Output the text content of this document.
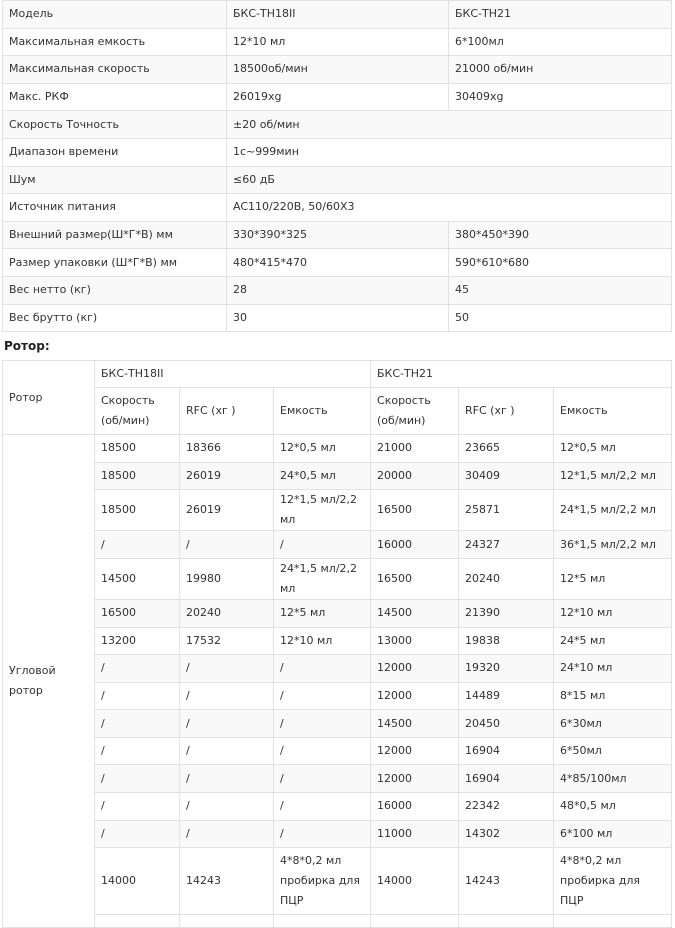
Модель	БКС-TH18II	БКС-TH21
Максимальная емкость	12*10 мл	6*100мл
Максимальная скорость	18500об/мин	21000 об/мин
Макс. РКФ	26019xg	30409xg
Скорость Точность	±20 об/мин	
Диапазон времени	1с~999мин	
Шум	≤60 дБ	
Источник питания	AC110/220В, 50/60Х3	
Внешний размер(Ш*Г*В) мм	330*390*325	380*450*390
Размер упаковки (Ш*Г*В) мм	480*415*470	590*610*680
Вес нетто (кг)	28	45
Вес брутто (кг)	30	50
Ротор:
Ротор	БКС-TH18II			БКС-TH21		
	Скорость (об/мин)	RFC (хг )	Емкость	Скорость (об/мин)	RFC (хг )	Емкость
Угловой ротор	18500	18366	12*0,5 мл	21000	23665	12*0,5 мл
	18500	26019	24*0,5 мл	20000	30409	12*1,5 мл/2,2 мл
	18500	26019	12*1,5 мл/2,2 мл	16500	25871	24*1,5 мл/2,2 мл
	/	/	/	16000	24327	36*1,5 мл/2,2 мл
	14500	19980	24*1,5 мл/2,2 мл	16500	20240	12*5 мл
	16500	20240	12*5 мл	14500	21390	12*10 мл
	13200	17532	12*10 мл	13000	19838	24*5 мл
	/	/	/	12000	19320	24*10 мл
	/	/	/	12000	14489	8*15 мл
	/	/	/	14500	20450	6*30мл
	/	/	/	12000	16904	6*50мл
	/	/	/	12000	16904	4*85/100мл
	/	/	/	16000	22342	48*0,5 мл
	/	/	/	11000	14302	6*100 мл
	14000	14243	4*8*0,2 мл пробирка для ПЦР	14000	14243	4*8*0,2 мл пробирка для ПЦР
